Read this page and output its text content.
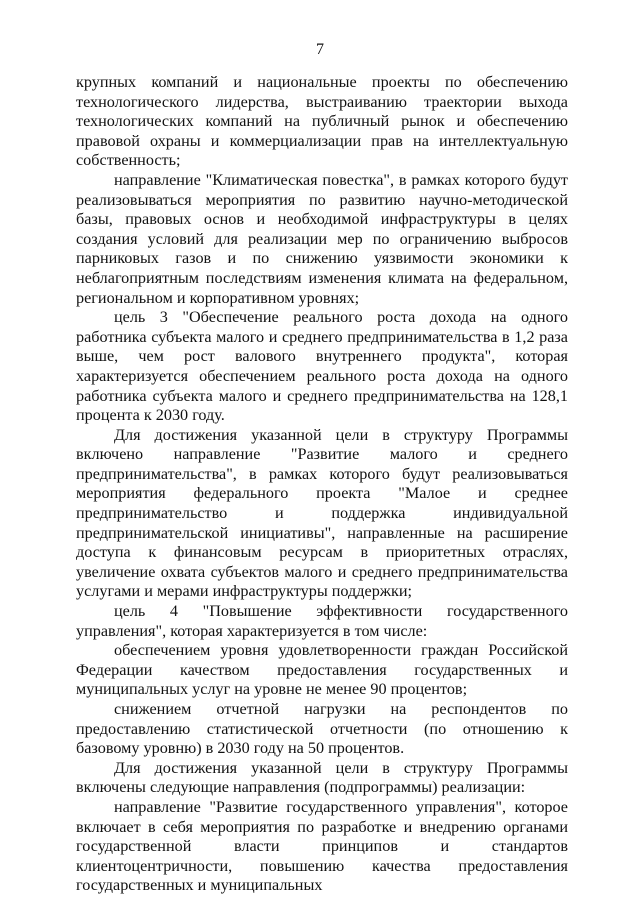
7

крупных компаний и национальные проекты по обеспечению технологического лидерства, выстраиванию траектории выхода технологических компаний на публичный рынок и обеспечению правовой охраны и коммерциализации прав на интеллектуальную собственность;

направление "Климатическая повестка", в рамках которого будут реализовываться мероприятия по развитию научно-методической базы, правовых основ и необходимой инфраструктуры в целях создания условий для реализации мер по ограничению выбросов парниковых газов и по снижению уязвимости экономики к неблагоприятным последствиям изменения климата на федеральном, региональном и корпоративном уровнях;

цель 3 "Обеспечение реального роста дохода на одного работника субъекта малого и среднего предпринимательства в 1,2 раза выше, чем рост валового внутреннего продукта", которая характеризуется обеспечением реального роста дохода на одного работника субъекта малого и среднего предпринимательства на 128,1 процента к 2030 году.

Для достижения указанной цели в структуру Программы включено направление "Развитие малого и среднего предпринимательства", в рамках которого будут реализовываться мероприятия федерального проекта "Малое и среднее предпринимательство и поддержка индивидуальной предпринимательской инициативы", направленные на расширение доступа к финансовым ресурсам в приоритетных отраслях, увеличение охвата субъектов малого и среднего предпринимательства услугами и мерами инфраструктуры поддержки;

цель 4 "Повышение эффективности государственного управления", которая характеризуется в том числе:

обеспечением уровня удовлетворенности граждан Российской Федерации качеством предоставления государственных и муниципальных услуг на уровне не менее 90 процентов;

снижением отчетной нагрузки на респондентов по предоставлению статистической отчетности (по отношению к базовому уровню) в 2030 году на 50 процентов.

Для достижения указанной цели в структуру Программы включены следующие направления (подпрограммы) реализации:

направление "Развитие государственного управления", которое включает в себя мероприятия по разработке и внедрению органами государственной власти принципов и стандартов клиентоцентричности, повышению качества предоставления государственных и муниципальных
